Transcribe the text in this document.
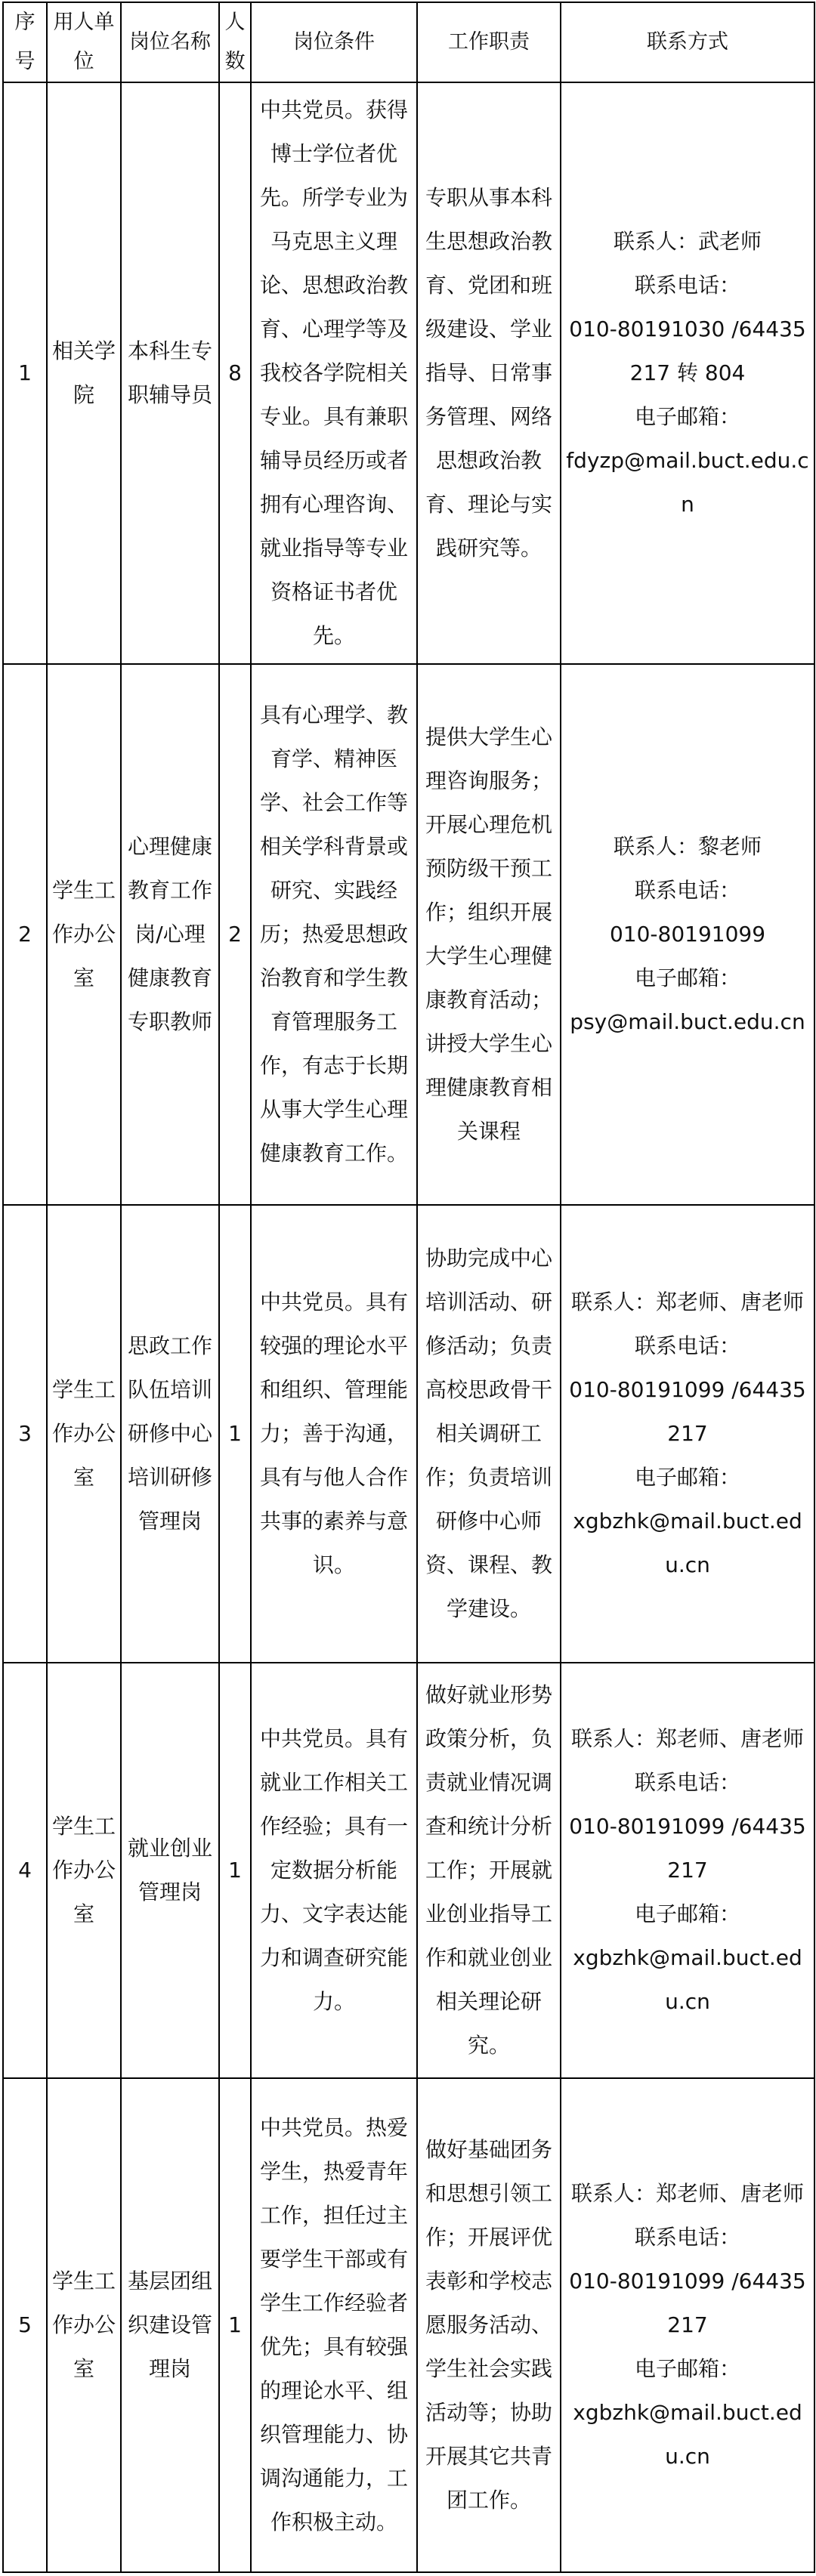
序号	用人单位	岗位名称	人数	岗位条件	工作职责	联系方式
1	相关学院	本科生专职辅导员	8	中共党员。获得博士学位者优先。所学专业为马克思主义理论、思想政治教育、心理学等及我校各学院相关专业。具有兼职辅导员经历或者拥有心理咨询、就业指导等专业资格证书者优先。	专职从事本科生思想政治教育、党团和班级建设、学业指导、日常事务管理、网络思想政治教育、理论与实践研究等。	联系人：武老师
联系电话：
010-80191030 /64435217 转 804
电子邮箱：
fdyzp@mail.buct.edu.cn

2	学生工作办公室	心理健康教育工作岗/心理健康教育专职教师	2	具有心理学、教育学、精神医学、社会工作等相关学科背景或研究、实践经历；热爱思想政治教育和学生教育管理服务工作，有志于长期从事大学生心理健康教育工作。	提供大学生心理咨询服务；开展心理危机预防级干预工作；组织开展大学生心理健康教育活动；讲授大学生心理健康教育相关课程	联系人：黎老师
联系电话：
010-80191099
电子邮箱：
psy@mail.buct.edu.cn

3	学生工作办公室	思政工作队伍培训研修中心培训研修管理岗	1	中共党员。具有较强的理论水平和组织、管理能力；善于沟通，具有与他人合作共事的素养与意识。	协助完成中心培训活动、研修活动；负责高校思政骨干相关调研工作；负责培训研修中心师资、课程、教学建设。	联系人：郑老师、唐老师
联系电话：
010-80191099 /64435217
电子邮箱：
xgbzhk@mail.buct.edu.cn

4	学生工作办公室	就业创业管理岗	1	中共党员。具有就业工作相关工作经验；具有一定数据分析能力、文字表达能力和调查研究能力。	做好就业形势政策分析，负责就业情况调查和统计分析工作；开展就业创业指导工作和就业创业相关理论研究。	联系人：郑老师、唐老师
联系电话：
010-80191099 /64435217
电子邮箱：
xgbzhk@mail.buct.edu.cn

5	学生工作办公室	基层团组织建设管理岗	1	中共党员。热爱学生，热爱青年工作，担任过主要学生干部或有学生工作经验者优先；具有较强的理论水平、组织管理能力、协调沟通能力，工作积极主动。	做好基础团务和思想引领工作；开展评优表彰和学校志愿服务活动、学生社会实践活动等；协助开展其它共青团工作。	联系人：郑老师、唐老师
联系电话：
010-80191099 /64435217
电子邮箱：
xgbzhk@mail.buct.edu.cn
